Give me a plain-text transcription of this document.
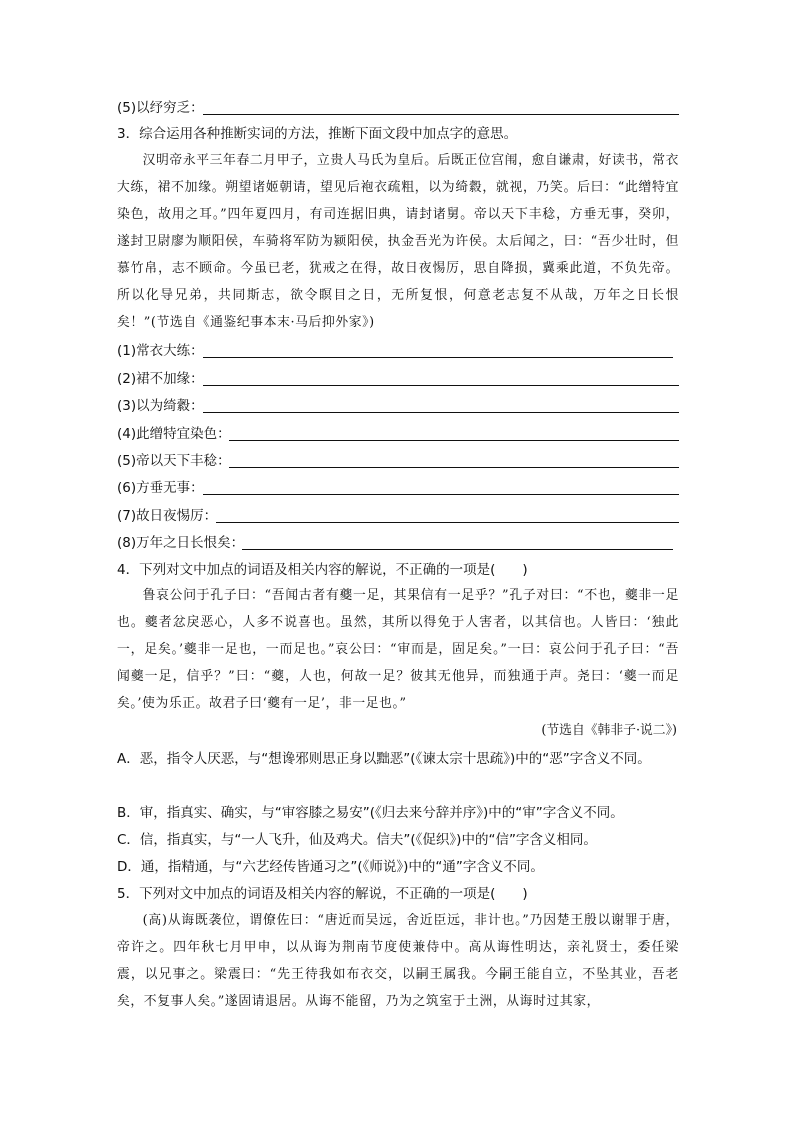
(5)以纾穷乏：
3．综合运用各种推断实词的方法，推断下面文段中加点字的意思。

汉明帝永平三年春二月甲子，立贵人马氏为皇后。后既正位宫闱，愈自谦肃，好读书，常衣大练，裙不加缘。朔望诸姬朝请，望见后袍衣疏粗，以为绮縠，就视，乃笑。后曰：“此缯特宜染色，故用之耳。”四年夏四月，有司连据旧典，请封诸舅。帝以天下丰稔，方垂无事，癸卯，遂封卫尉廖为顺阳侯，车骑将军防为颍阳侯，执金吾光为许侯。太后闻之，曰：“吾少壮时，但慕竹帛，志不顾命。今虽已老，犹戒之在得，故日夜惕厉，思自降损，冀乘此道，不负先帝。所以化导兄弟，共同斯志，欲令瞑目之日，无所复恨，何意老志复不从哉，万年之日长恨矣！”(节选自《通鉴纪事本末·马后抑外家》)

(1)常衣大练：
(2)裙不加缘：
(3)以为绮縠：
(4)此缯特宜染色：
(5)帝以天下丰稔：
(6)方垂无事：
(7)故日夜惕厉：
(8)万年之日长恨矣：
4．下列对文中加点的词语及相关内容的解说，不正确的一项是(　　)

鲁哀公问于孔子曰：“吾闻古者有夔一足，其果信有一足乎？”孔子对曰：“不也，夔非一足也。夔者忿戾恶心，人多不说喜也。虽然，其所以得免于人害者，以其信也。人皆曰：‘独此一，足矣。’夔非一足也，一而足也。”哀公曰：“审而是，固足矣。”一曰：哀公问于孔子曰：“吾闻夔一足，信乎？”曰：“夔，人也，何故一足？彼其无他异，而独通于声。尧曰：‘夔一而足矣。’使为乐正。故君子曰‘夔有一足’，非一足也。”

(节选自《韩非子·说二》)
A．恶，指令人厌恶，与“想谗邪则思正身以黜恶”(《谏太宗十思疏》)中的“恶”字含义不同。
B．审，指真实、确实，与“审容膝之易安”(《归去来兮辞并序》)中的“审”字含义不同。
C．信，指真实，与“一人飞升，仙及鸡犬。信夫”(《促织》)中的“信”字含义相同。
D．通，指精通，与“六艺经传皆通习之”(《师说》)中的“通”字含义不同。
5．下列对文中加点的词语及相关内容的解说，不正确的一项是(　　)

(高)从诲既袭位，谓僚佐曰：“唐近而吴远，舍近臣远，非计也。”乃因楚王殷以谢罪于唐，帝许之。四年秋七月甲申，以从诲为荆南节度使兼侍中。高从诲性明达，亲礼贤士，委任梁震，以兄事之。梁震曰：“先王待我如布衣交，以嗣王属我。今嗣王能自立，不坠其业，吾老矣，不复事人矣。”遂固请退居。从诲不能留，乃为之筑室于土洲，从诲时过其家，
